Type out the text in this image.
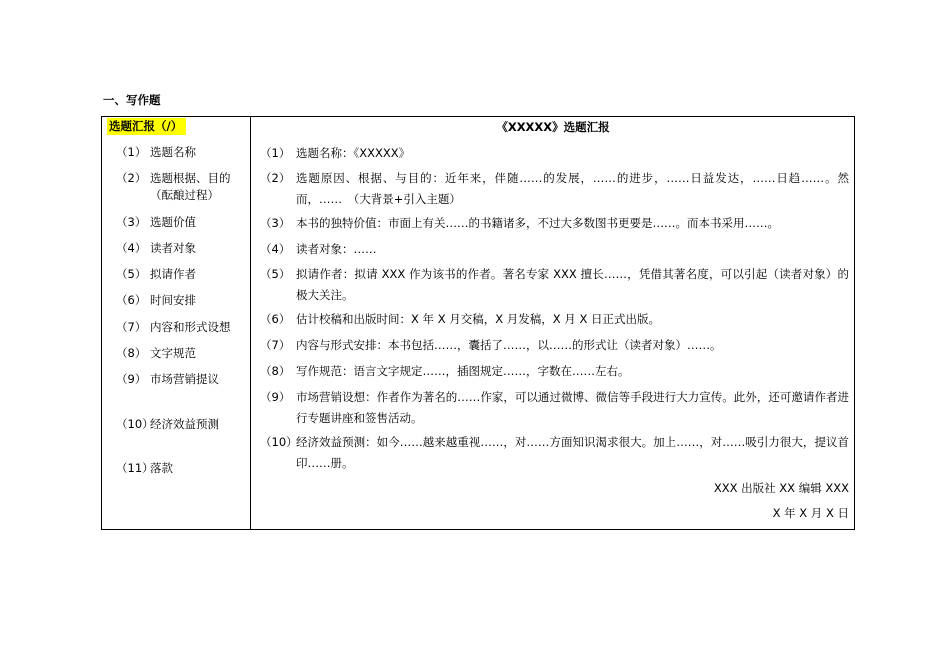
一、写作题
选题汇报（/）
（1） 选题名称
（2） 选题根据、目的（酝酿过程）
（3） 选题价值
（4） 读者对象
（5） 拟请作者
（6） 时间安排
（7） 内容和形式设想
（8） 文字规范
（9） 市场营销提议
（10）
经济效益预测
（11）
落款
《XXXXX》选题汇报
（1） 选题名称：《XXXXX》
（2） 选题原因、根据、与目的：近年来，伴随……的发展，……的进步，……日益发达，……日趋……。然而，……　（大背景+引入主题）
（3） 本书的独特价值：市面上有关……的书籍诸多，不过大多数图书更要是……。而本书采用……。
（4） 读者对象：……
（5） 拟请作者：拟请 XXX 作为该书的作者。著名专家 XXX 擅长……，凭借其著名度，可以引起（读者对象）的极大关注。
（6） 估计校稿和出版时间：X 年 X 月交稿，X 月发稿，X 月 X 日正式出版。
（7） 内容与形式安排：本书包括……，囊括了……，以……的形式让（读者对象）……。
（8） 写作规范：语言文字规定……，插图规定……，字数在……左右。
（9） 市场营销设想：作者作为著名的……作家，可以通过微博、微信等手段进行大力宣传。此外，还可邀请作者进行专题讲座和签售活动。
（10）
经济效益预测：如今……越来越重视……，对……方面知识渴求很大。加上……，对……吸引力很大，提议首印……册。
XXX 出版社 XX 编辑 XXX
X 年 X 月 X 日
